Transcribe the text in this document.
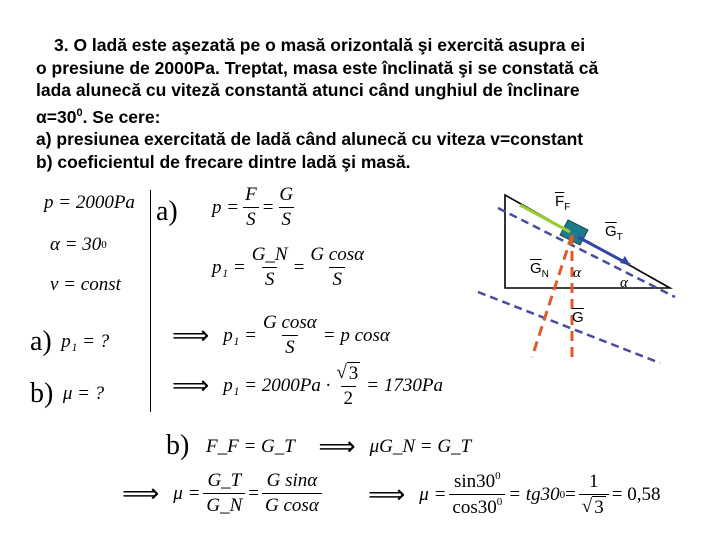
3. O ladă este aşezată pe o masă orizontală şi exercită asupra ei
o presiune de 2000Pa. Treptat, masa este înclinată şi se constată că
lada alunecă cu viteză constantă atunci când unghiul de înclinare
$\alpha=30^0$. Se cere:
a) presiunea exercitată de ladă când alunecă cu viteza v=constant
b) coeficientul de frecare dintre ladă şi masă.
p = 2000Pa
α = 30 0
v = const
a)
p₁ = ?
b)
μ = ?
a) $p = \frac{F}{S} = \frac{G}{S}$
$p_1 = \frac{G\_N}{S} = \frac{\text{G cosα}}{S}$
⟹ $p_1 = \frac{\text{G cosα}}{S} = p$ cosα
⟹ $p_1 = 2000Pa \cdot \frac{√ 3}{2} = 1730Pa$
b) F_F = G_T
⟹ μG_N = G_T
⟹ $\mu = \frac{G\_T}{G\_N} = \frac{\text{G sinα}}{\text{G cosα}}$ ⟹ $\mu = \frac{\sin 30^0}{\cos 30^0} = tg30$ $0 = \frac{1}{√ 3} = 0,58$
$\overline{F}_F$
$\overline{G}_T$
$\overline{G}_N$
$\overline{G}$
α
α
